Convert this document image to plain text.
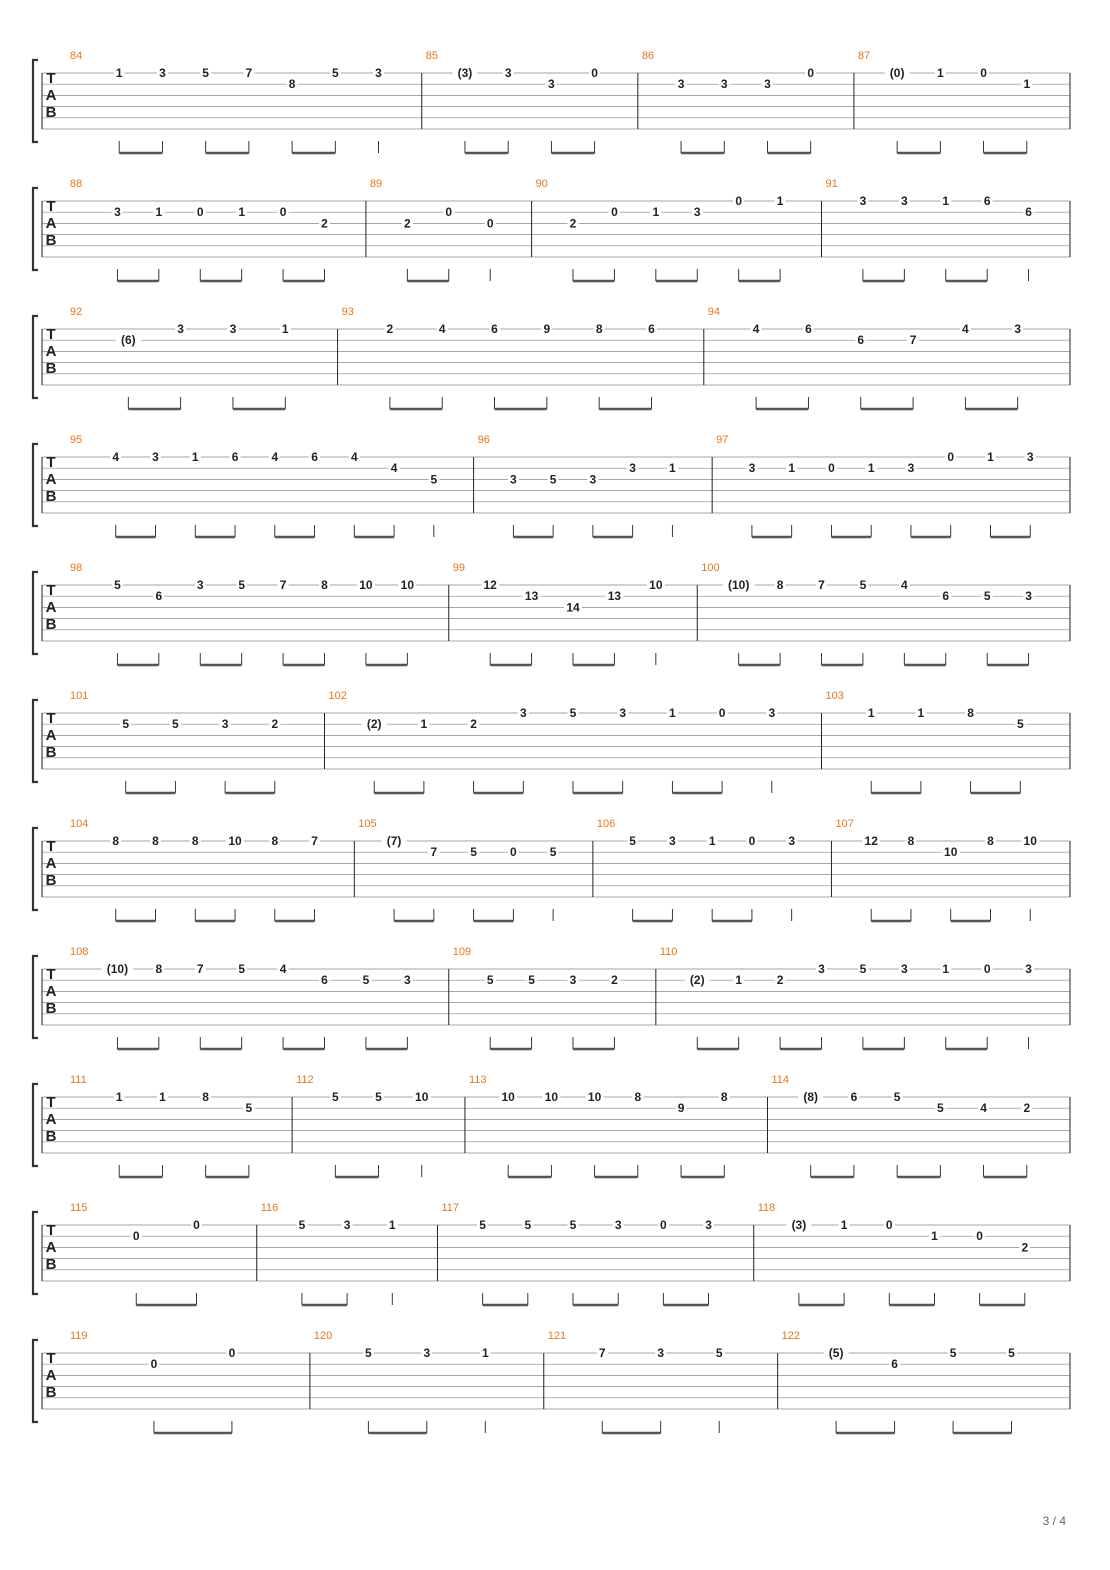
T
A
B
84
1	3	5	7
8
5	3
85
(3)	3
3
0
86
3	3	3
0
87
(0)	1	0
1
T
A
B
88
3	1	0	1	0
2
89
2
0
0
90
2
0	1	3
0	1
91
3	3	1	6
6
T
A
B
92
(6)
3	3	1
93
2	4	6	9	8	6
94
4	6
6	7
4	3
T
A
B
95
4	3	1	6	4	6	4
4
5
96
3	5	3
3	1
97
3	1	0	1	3
0	1	3
T
A
B
98
5
6
3	5	7	8	10 10
99
12
13
14
13
10
100
(10) 8	7	5	4
6	5	3
T
A
B
101
5	5	3	2
102
(2)	1	2
3	5	3	1	0	3
103
1	1	8
5
T
A
B
104
8	8	8 10 8	7
105
(7)
7	5	0	5
106
5	3	1	0	3
107
12 8
10
8 10
T
A
B
108
(10) 8	7	5	4
6	5	3
109
5	5	3	2
110
(2)	1	2
3	5	3	1	0	3
T
A
B
111
1	1	8
5
112
5	5	10
113
10 10 10	8
9
8
114
(8)	6	5
5	4	2
T
A
B
115
0
0
116
5	3	1
117
5	5	5	3	0	3
118
(3)	1	0
1	0
2
T
A
B
119
0
0
120
5	3	1
121
7	3	5
122
(5)
6
5	5
3 / 4
